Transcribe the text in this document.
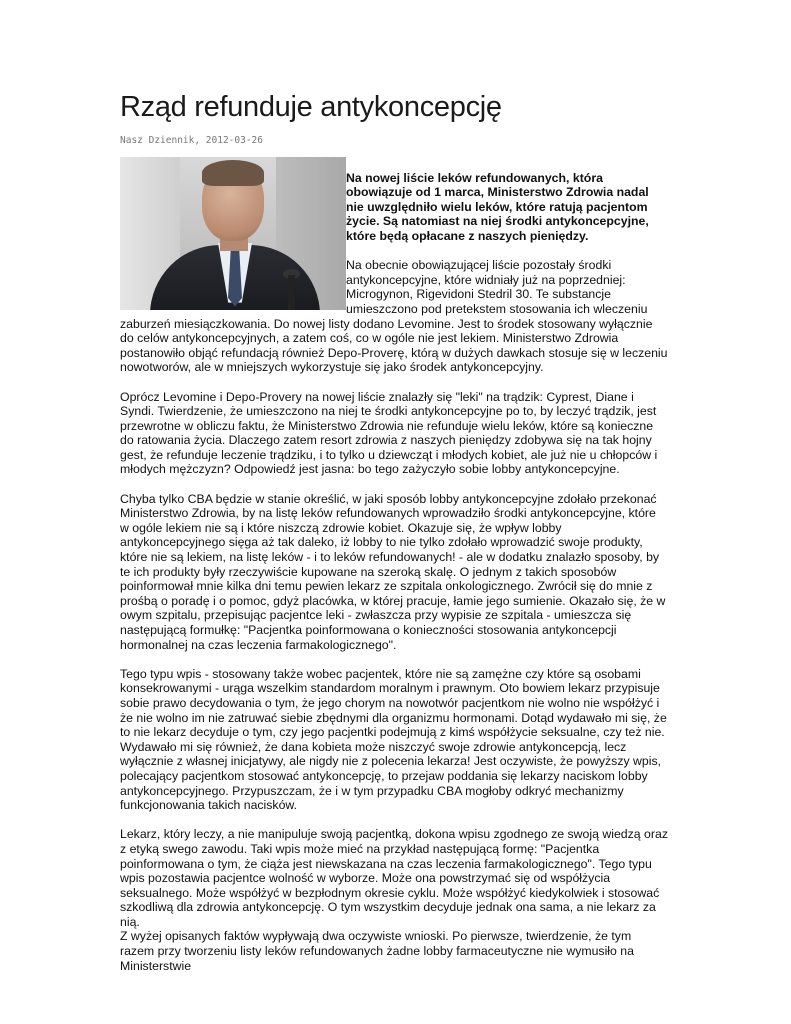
Rząd refunduje antykoncepcję
Nasz Dziennik, 2012-03-26

Na nowej liście leków refundowanych, która obowiązuje od 1 marca, Ministerstwo Zdrowia nadal nie uwzględniło wielu leków, które ratują pacjentom życie. Są natomiast na niej środki antykoncepcyjne, które będą opłacane z naszych pieniędzy.

Na obecnie obowiązującej liście pozostały środki antykoncepcyjne, które widniały już na poprzedniej: Microgynon, Rigevidoni Stedril 30. Te substancje umieszczono pod pretekstem stosowania ich wleczeniu

zaburzeń miesiączkowania. Do nowej listy dodano Levomine. Jest to środek stosowany wyłącznie do celów antykoncepcyjnych, a zatem coś, co w ogóle nie jest lekiem. Ministerstwo Zdrowia postanowiło objąć refundacją również Depo-Proverę, którą w dużych dawkach stosuje się w leczeniu nowotworów, ale w mniejszych wykorzystuje się jako środek antykoncepcyjny.

Oprócz Levomine i Depo-Provery na nowej liście znalazły się "leki" na trądzik: Cyprest, Diane i Syndi. Twierdzenie, że umieszczono na niej te środki antykoncepcyjne po to, by leczyć trądzik, jest przewrotne w obliczu faktu, że Ministerstwo Zdrowia nie refunduje wielu leków, które są konieczne do ratowania życia. Dlaczego zatem resort zdrowia z naszych pieniędzy zdobywa się na tak hojny gest, że refunduje leczenie trądziku, i to tylko u dziewcząt i młodych kobiet, ale już nie u chłopców i młodych mężczyzn? Odpowiedź jest jasna: bo tego zażyczyło sobie lobby antykoncepcyjne.

Chyba tylko CBA będzie w stanie określić, w jaki sposób lobby antykoncepcyjne zdołało przekonać Ministerstwo Zdrowia, by na listę leków refundowanych wprowadziło środki antykoncepcyjne, które w ogóle lekiem nie są i które niszczą zdrowie kobiet. Okazuje się, że wpływ lobby antykoncepcyjnego sięga aż tak daleko, iż lobby to nie tylko zdołało wprowadzić swoje produkty, które nie są lekiem, na listę leków - i to leków refundowanych! - ale w dodatku znalazło sposoby, by te ich produkty były rzeczywiście kupowane na szeroką skalę. O jednym z takich sposobów poinformował mnie kilka dni temu pewien lekarz ze szpitala onkologicznego. Zwrócił się do mnie z prośbą o poradę i o pomoc, gdyż placówka, w której pracuje, łamie jego sumienie. Okazało się, że w owym szpitalu, przepisując pacjentce leki - zwłaszcza przy wypisie ze szpitala - umieszcza się następującą formułkę: "Pacjentka poinformowana o konieczności stosowania antykoncepcji hormonalnej na czas leczenia farmakologicznego".

Tego typu wpis - stosowany także wobec pacjentek, które nie są zamężne czy które są osobami konsekrowanymi - urąga wszelkim standardom moralnym i prawnym. Oto bowiem lekarz przypisuje sobie prawo decydowania o tym, że jego chorym na nowotwór pacjentkom nie wolno nie współżyć i że nie wolno im nie zatruwać siebie zbędnymi dla organizmu hormonami. Dotąd wydawało mi się, że to nie lekarz decyduje o tym, czy jego pacjentki podejmują z kimś współżycie seksualne, czy też nie. Wydawało mi się również, że dana kobieta może niszczyć swoje zdrowie antykoncepcją, lecz wyłącznie z własnej inicjatywy, ale nigdy nie z polecenia lekarza! Jest oczywiste, że powyższy wpis, polecający pacjentkom stosować antykoncepcję, to przejaw poddania się lekarzy naciskom lobby antykoncepcyjnego. Przypuszczam, że i w tym przypadku CBA mogłoby odkryć mechanizmy funkcjonowania takich nacisków.

Lekarz, który leczy, a nie manipuluje swoją pacjentką, dokona wpisu zgodnego ze swoją wiedzą oraz z etyką swego zawodu. Taki wpis może mieć na przykład następującą formę: "Pacjentka poinformowana o tym, że ciąża jest niewskazana na czas leczenia farmakologicznego". Tego typu wpis pozostawia pacjentce wolność w wyborze. Może ona powstrzymać się od współżycia seksualnego. Może współżyć w bezpłodnym okresie cyklu. Może współżyć kiedykolwiek i stosować szkodliwą dla zdrowia antykoncepcję. O tym wszystkim decyduje jednak ona sama, a nie lekarz za nią.

Z wyżej opisanych faktów wypływają dwa oczywiste wnioski. Po pierwsze, twierdzenie, że tym razem przy tworzeniu listy leków refundowanych żadne lobby farmaceutyczne nie wymusiło na Ministerstwie
